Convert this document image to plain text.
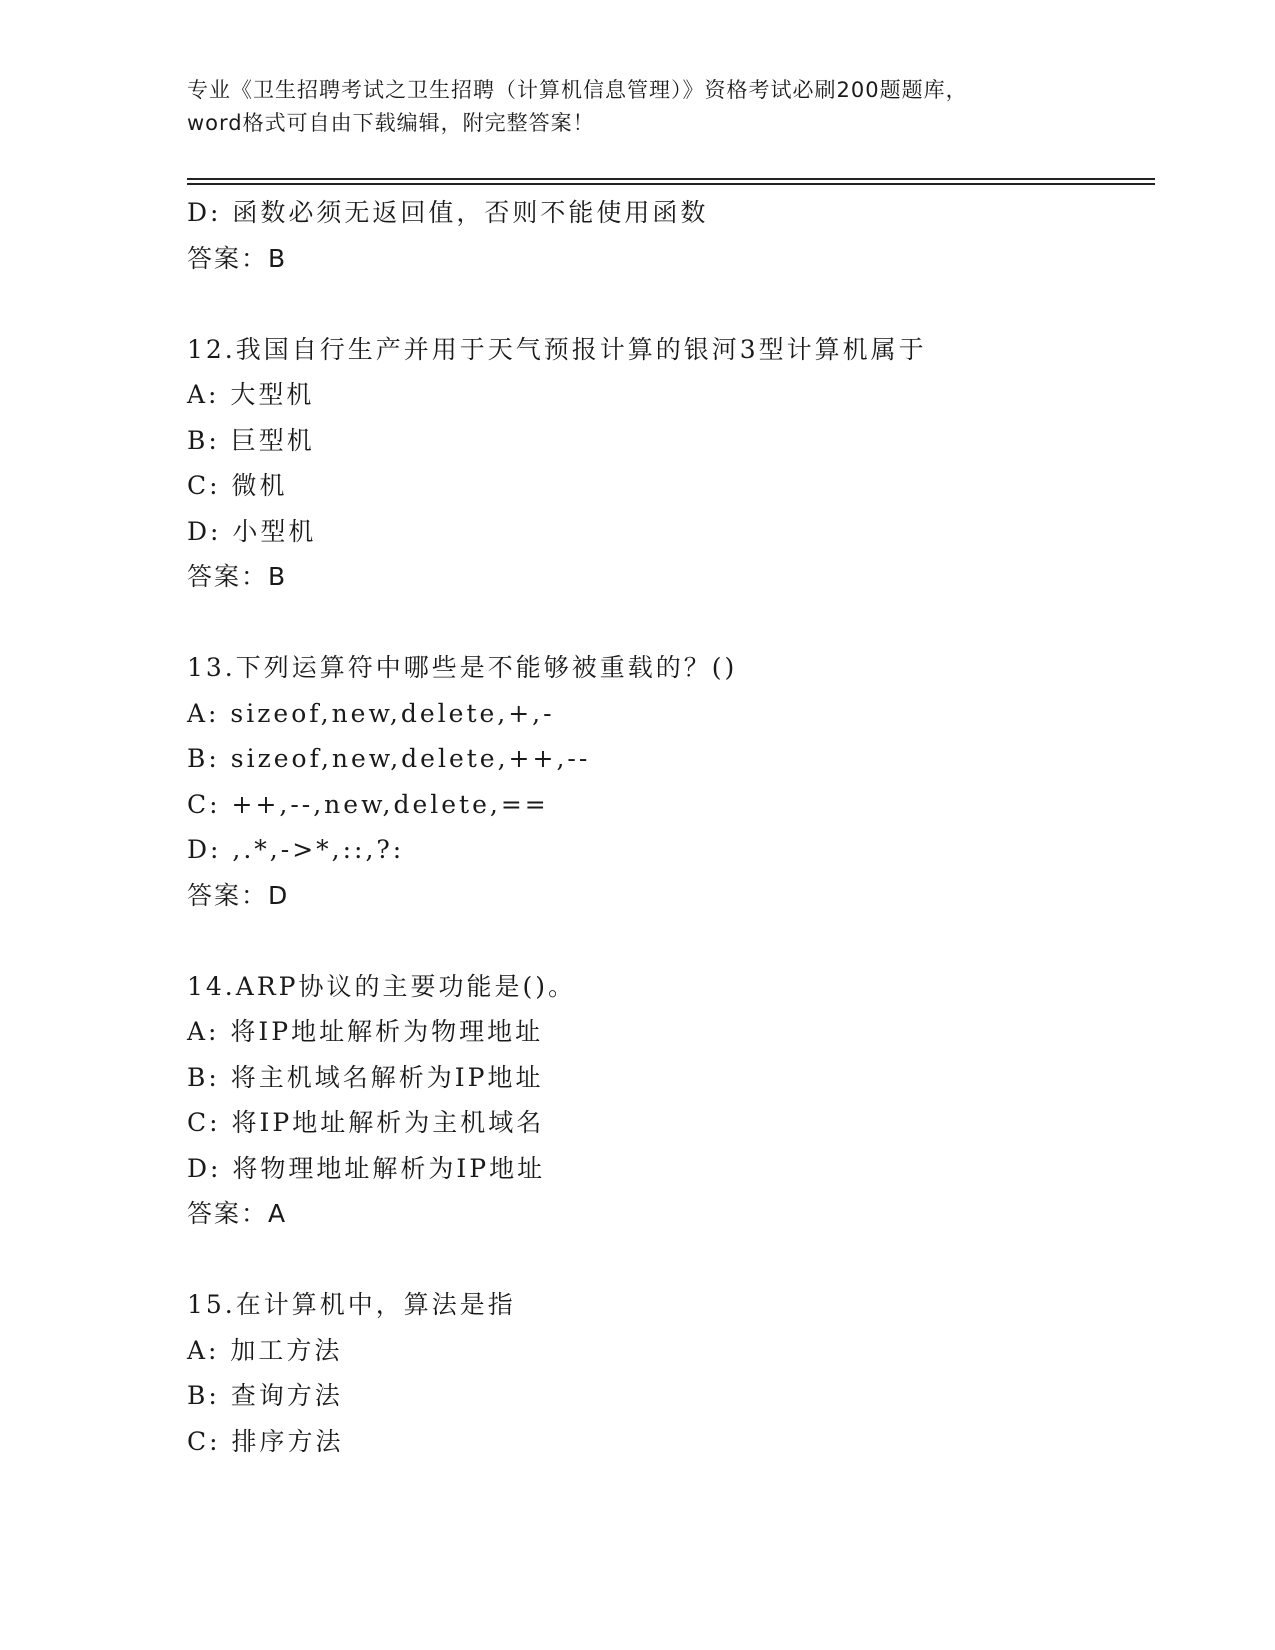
专业《卫生招聘考试之卫生招聘（计算机信息管理）》资格考试必刷200题题库，
word格式可自由下载编辑，附完整答案！
D: 函数必须无返回值，否则不能使用函数
答案：B
12.我国自行生产并用于天气预报计算的银河3型计算机属于
A: 大型机
B: 巨型机
C: 微机
D: 小型机
答案：B
13.下列运算符中哪些是不能够被重载的？()
A: sizeof,new,delete,+,-
B: sizeof,new,delete,++,--
C: ++,--,new,delete,==
D: ,.*,->*,::,?:
答案：D
14.ARP协议的主要功能是()。
A: 将IP地址解析为物理地址
B: 将主机域名解析为IP地址
C: 将IP地址解析为主机域名
D: 将物理地址解析为IP地址
答案：A
15.在计算机中，算法是指
A: 加工方法
B: 查询方法
C: 排序方法
